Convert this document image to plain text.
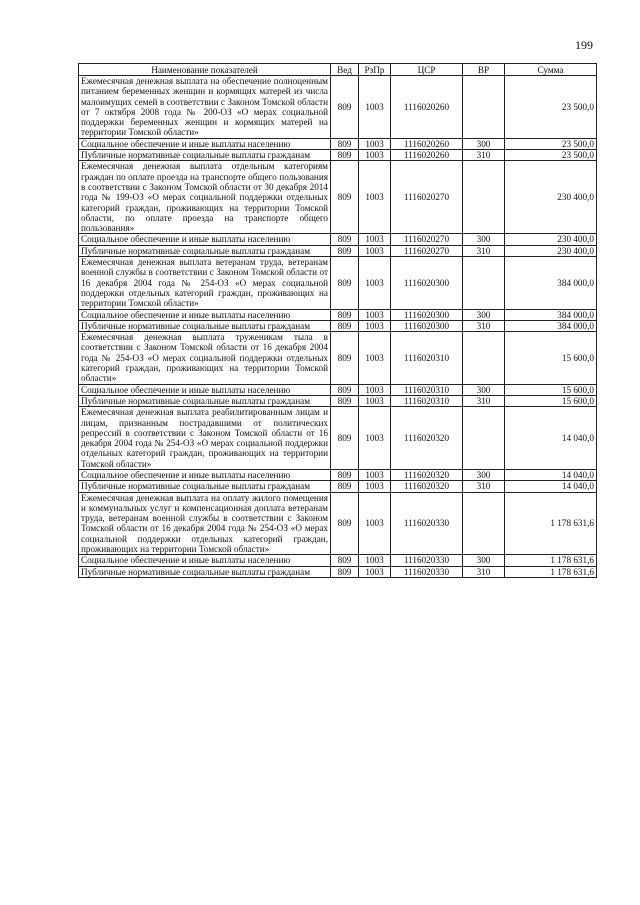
199
Наименование показателей	Вед	РзПр	ЦСР	ВР	Сумма
Ежемесячная денежная выплата на обеспечение полноценным питанием беременных женщин и кормящих матерей из числа малоимущих семей в соответствии с Законом Томской области от 7 октября 2008 года № 200-ОЗ «О мерах социальной поддержки беременных женщин и кормящих матерей на территории Томской области»	809	1003	1116020260		23 500,0
Социальное обеспечение и иные выплаты населению	809	1003	1116020260	300	23 500,0
Публичные нормативные социальные выплаты гражданам	809	1003	1116020260	310	23 500,0
Ежемесячная денежная выплата отдельным категориям граждан по оплате проезда на транспорте общего пользования в соответствии с Законом Томской области от 30 декабря 2014 года № 199-ОЗ «О мерах социальной поддержки отдельных категорий граждан, проживающих на территории Томской области, по оплате проезда на транспорте общего пользования»	809	1003	1116020270		230 400,0
Социальное обеспечение и иные выплаты населению	809	1003	1116020270	300	230 400,0
Публичные нормативные социальные выплаты гражданам	809	1003	1116020270	310	230 400,0
Ежемесячная денежная выплата ветеранам труда, ветеранам военной службы в соответствии с Законом Томской области от 16 декабря 2004 года № 254-ОЗ «О мерах социальной поддержки отдельных категорий граждан, проживающих на территории Томской области»	809	1003	1116020300		384 000,0
Социальное обеспечение и иные выплаты населению	809	1003	1116020300	300	384 000,0
Публичные нормативные социальные выплаты гражданам	809	1003	1116020300	310	384 000,0
Ежемесячная денежная выплата труженикам тыла в соответствии с Законом Томской области от 16 декабря 2004 года № 254-ОЗ «О мерах социальной поддержки отдельных категорий граждан, проживающих на территории Томской области»	809	1003	1116020310		15 600,0
Социальное обеспечение и иные выплаты населению	809	1003	1116020310	300	15 600,0
Публичные нормативные социальные выплаты гражданам	809	1003	1116020310	310	15 600,0
Ежемесячная денежная выплата реабилитированным лицам и лицам, признанным пострадавшими от политических репрессий в соответствии с Законом Томской области от 16 декабря 2004 года № 254-ОЗ «О мерах социальной поддержки отдельных категорий граждан, проживающих на территории Томской области»	809	1003	1116020320		14 040,0
Социальное обеспечение и иные выплаты населению	809	1003	1116020320	300	14 040,0
Публичные нормативные социальные выплаты гражданам	809	1003	1116020320	310	14 040,0
Ежемесячная денежная выплата на оплату жилого помещения и коммунальных услуг и компенсационная доплата ветеранам труда, ветеранам военной службы в соответствии с Законом Томской области от 16 декабря 2004 года № 254-ОЗ «О мерах социальной поддержки отдельных категорий граждан, проживающих на территории Томской области»	809	1003	1116020330		1 178 631,6
Социальное обеспечение и иные выплаты населению	809	1003	1116020330	300	1 178 631,6
Публичные нормативные социальные выплаты гражданам	809	1003	1116020330	310	1 178 631,6
